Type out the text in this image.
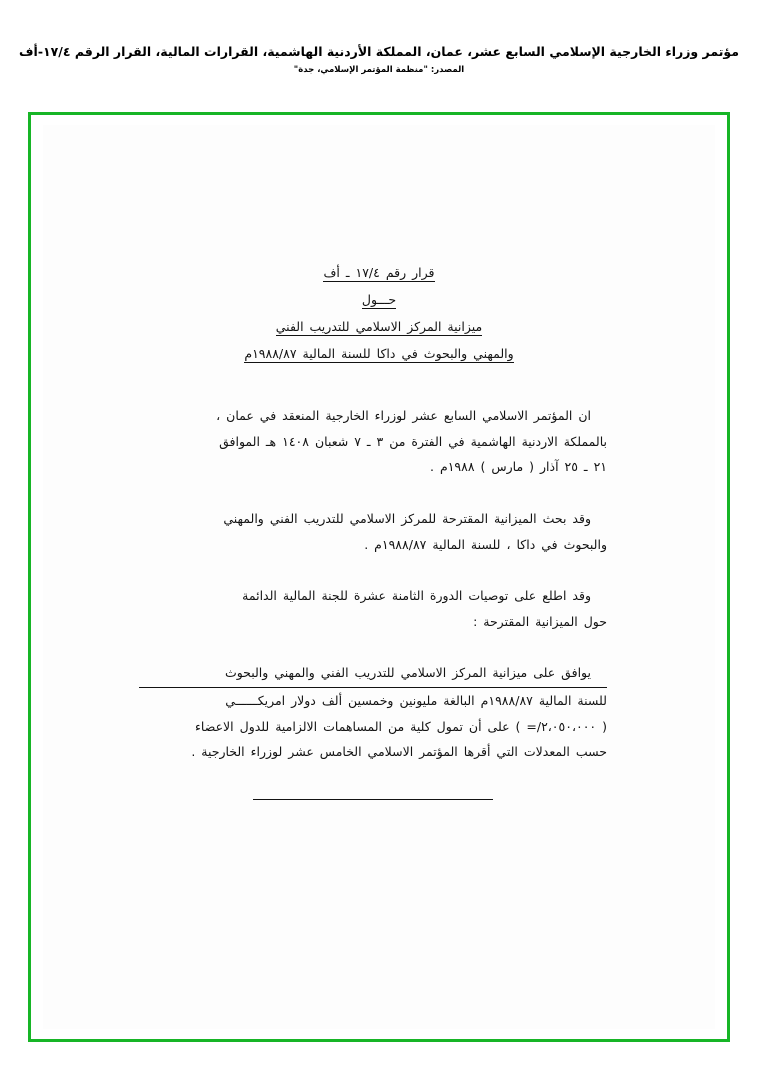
مؤتمر وزراء الخارجية الإسلامي السابع عشر، عمان، المملكة الأردنية الهاشمية، القرارات المالية، القرار الرقم ١٧/٤-أف
المصدر: "منظمة المؤتمر الإسلامي، جدة"
قرار رقم ١٧/٤ ـ أف
حـــول
ميزانية المركز الاسلامي للتدريب الفني
والمهني والبحوث في داكا للسنة المالية ١٩٨٨/٨٧م
ان المؤتمر الاسلامي السابع عشر لوزراء الخارجية المنعقد في عمان ،
بالمملكة الاردنية الهاشمية في الفترة من ٣ ـ ٧ شعبان ١٤٠٨ هـ الموافق
٢١ ـ ٢٥ آذار ( مارس ) ١٩٨٨م .
وقد بحث الميزانية المقترحة للمركز الاسلامي للتدريب الفني والمهني
والبحوث في داكا ، للسنة المالية ١٩٨٨/٨٧م .
وقد اطلع على توصيات الدورة الثامنة عشرة للجنة المالية الدائمة
حول الميزانية المقترحة :
يوافق على ميزانية المركز الاسلامي للتدريب الفني والمهني والبحوث
للسنة المالية ١٩٨٨/٨٧م البالغة مليونين وخمسين ألف دولار امريكــــــي
( ٢،٠٥٠،٠٠٠/= ) على أن تمول كلية من المساهمات الالزامية للدول الاعضاء
حسب المعدلات التي أقرها المؤتمر الاسلامي الخامس عشر لوزراء الخارجية .
